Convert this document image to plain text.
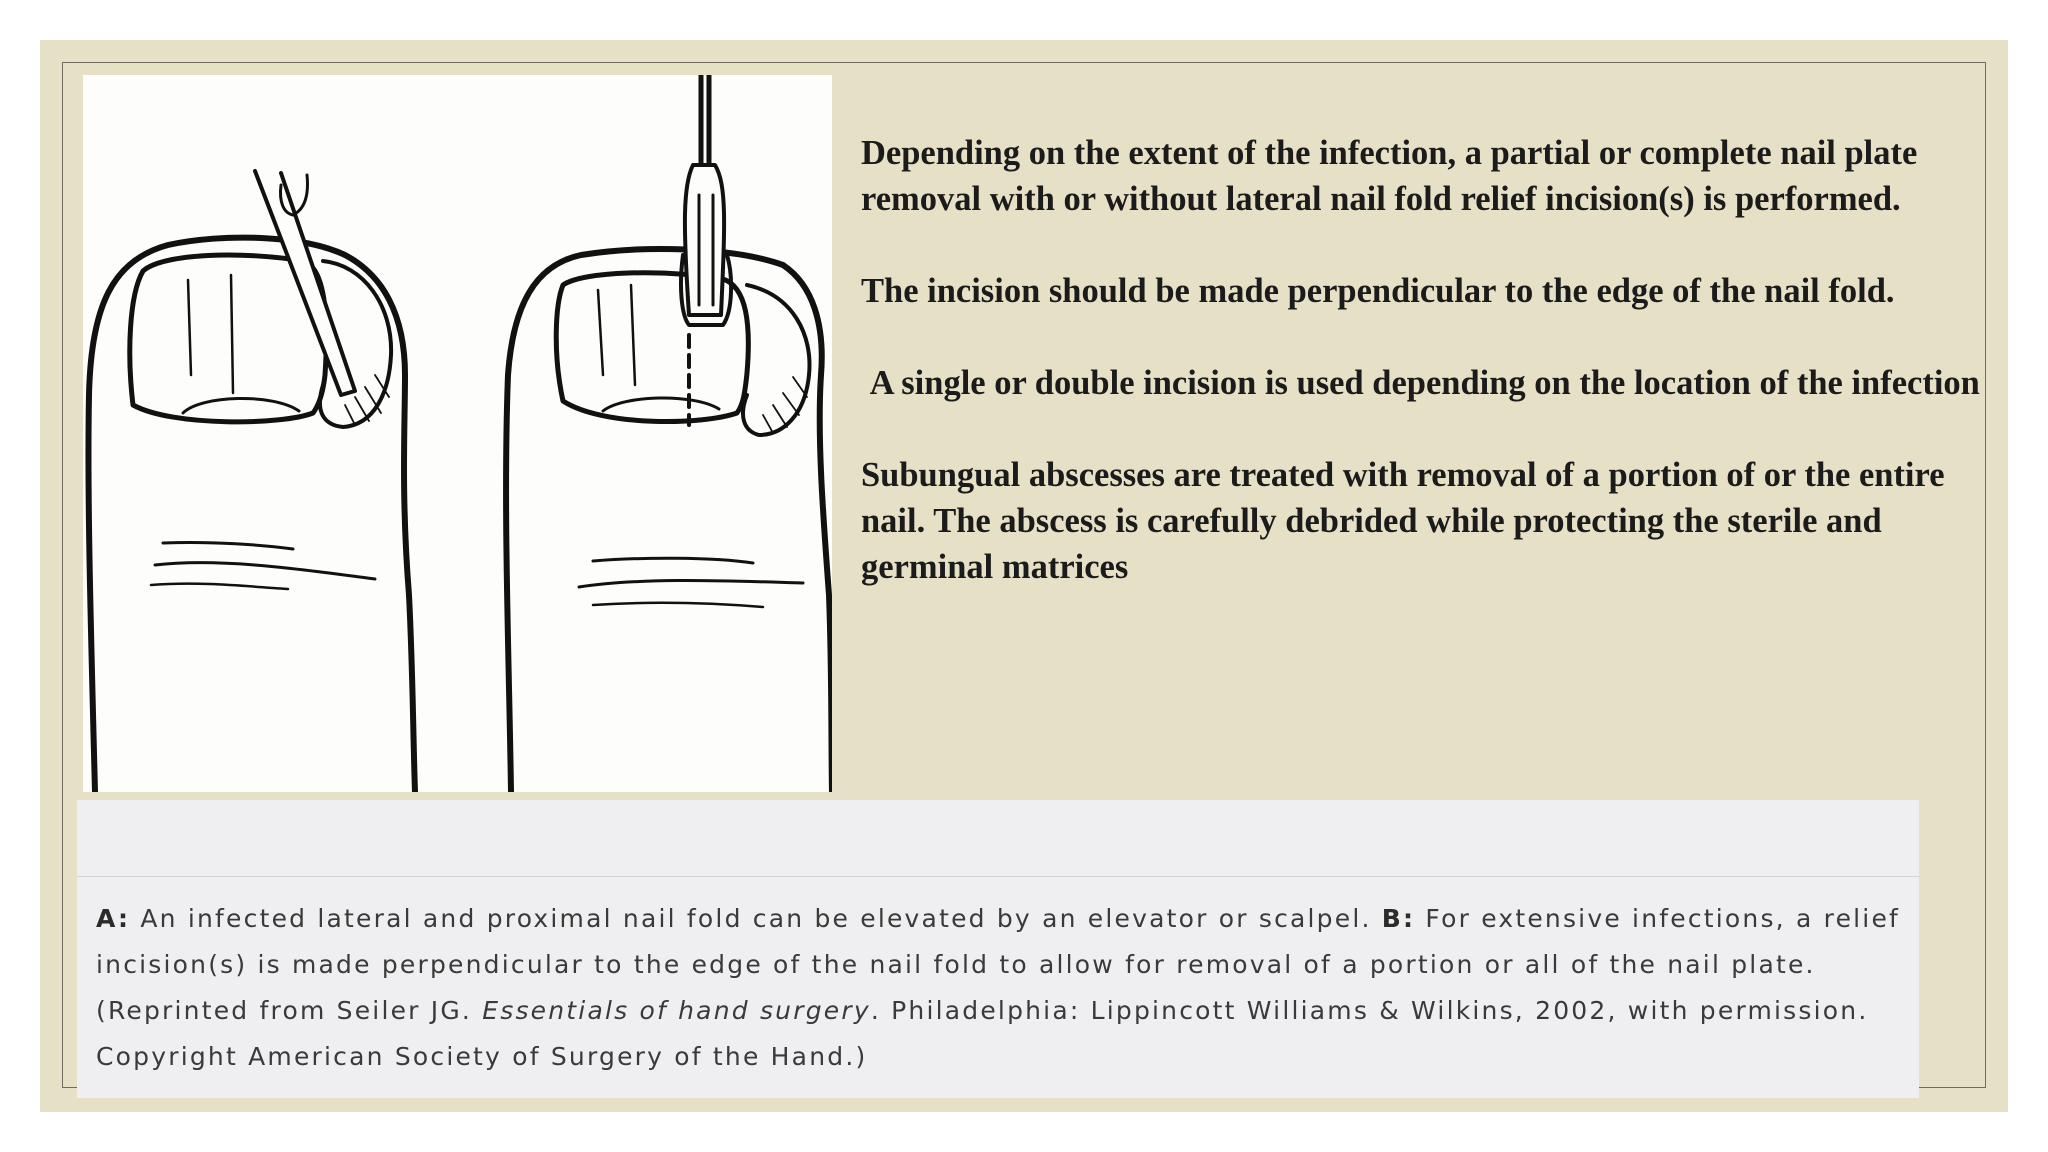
Depending on the extent of the infection, a partial or complete nail plate removal with or without lateral nail fold relief incision(s) is performed.

The incision should be made perpendicular to the edge of the nail fold.

A single or double incision is used depending on the location of the infection

Subungual abscesses are treated with removal of a portion of or the entire nail. The abscess is carefully debrided while protecting the sterile and germinal matrices

A: An infected lateral and proximal nail fold can be elevated by an elevator or scalpel. B: For extensive infections, a relief incision(s) is made perpendicular to the edge of the nail fold to allow for removal of a portion or all of the nail plate. (Reprinted from Seiler JG. Essentials of hand surgery. Philadelphia: Lippincott Williams & Wilkins, 2002, with permission. Copyright American Society of Surgery of the Hand.)
